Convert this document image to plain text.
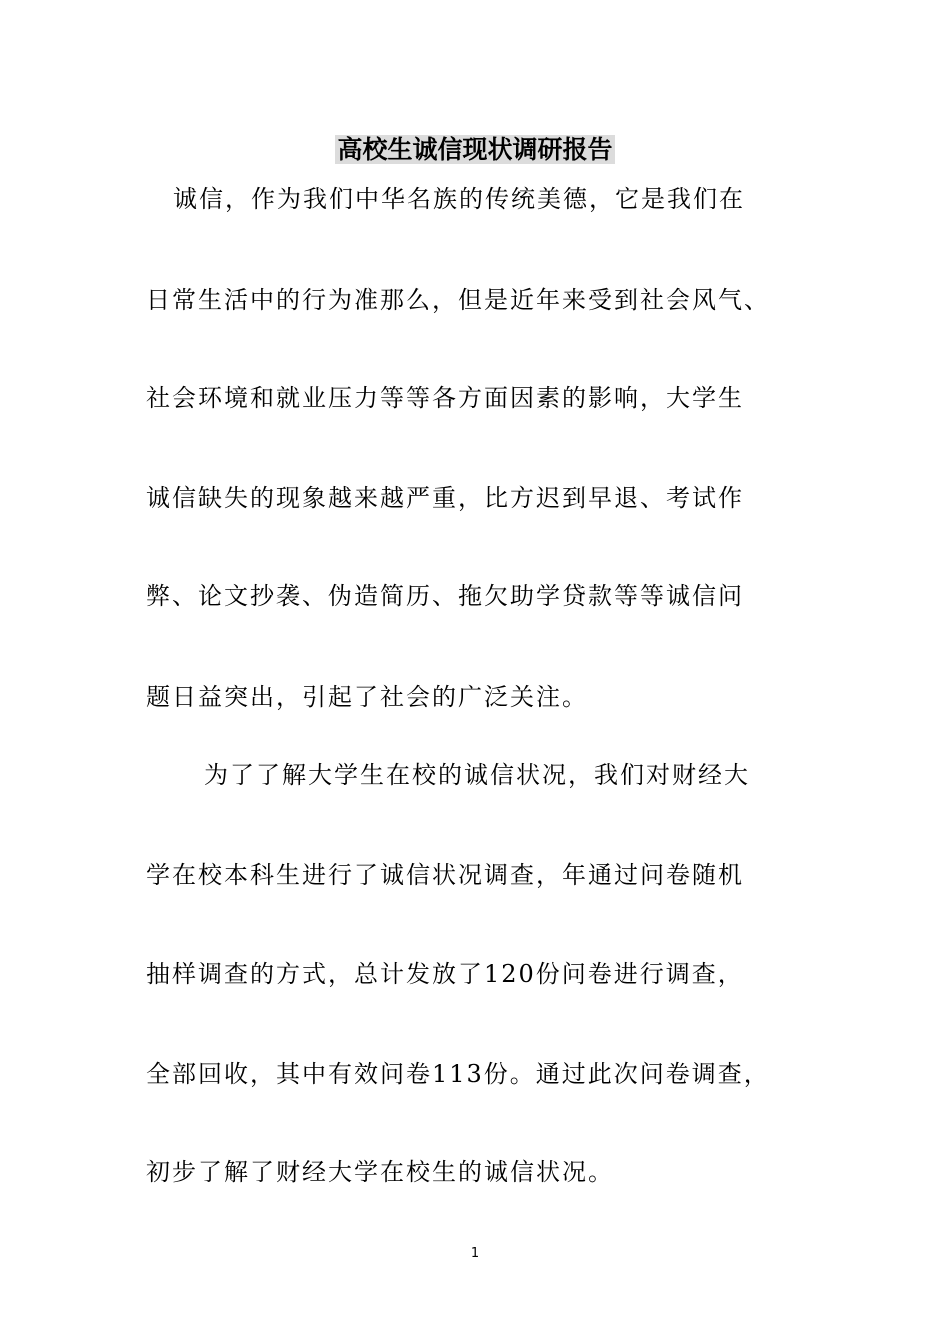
高校生诚信现状调研报告
诚信，作为我们中华名族的传统美德，它是我们在
日常生活中的行为准那么，但是近年来受到社会风气、
社会环境和就业压力等等各方面因素的影响，大学生
诚信缺失的现象越来越严重，比方迟到早退、考试作
弊、论文抄袭、伪造简历、拖欠助学贷款等等诚信问
题日益突出，引起了社会的广泛关注。
为了了解大学生在校的诚信状况，我们对财经大
学在校本科生进行了诚信状况调查，年通过问卷随机
抽样调查的方式，总计发放了120份问卷进行调查，
全部回收，其中有效问卷113份。通过此次问卷调查，
初步了解了财经大学在校生的诚信状况。
1
